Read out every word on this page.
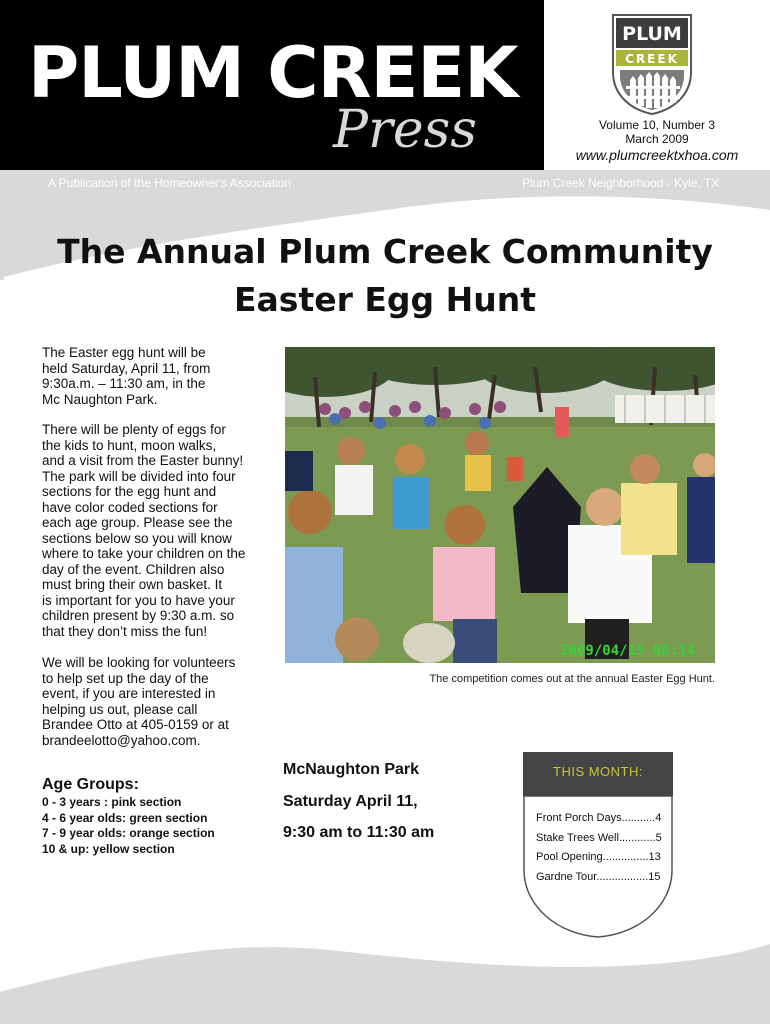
PLUM CREEK
Press
PLUM
CREEK
Volume 10, Number 3
March 2009
www.plumcreektxhoa.com
A Publication of the Homeowner's Association	Plum Creek Neighborhood - Kyle, TX
The Annual Plum Creek Community
Easter Egg Hunt
The Easter egg hunt will be
held Saturday, April 11, from
9:30a.m. – 11:30 am, in the
Mc Naughton Park.
There will be plenty of eggs for
the kids to hunt, moon walks,
and a visit from the Easter bunny!
The park will be divided into four
sections for the egg hunt and
have color coded sections for
each age group. Please see the
sections below so you will know
where to take your children on the
day of the event. Children also
must bring their own basket. It
is important for you to have your
children present by 9:30 a.m. so
that they don’t miss the fun!
We will be looking for volunteers
to help set up the day of the
event, if you are interested in
helping us out, please call
Brandee Otto at 405-0159 or at
brandeelotto@yahoo.com.
2009/04/15 08:14
The competition comes out at the annual Easter Egg Hunt.
Age Groups:
0 - 3 years : pink section
4 - 6 year olds: green section
7 - 9 year olds: orange section
10 & up: yellow section
McNaughton Park
Saturday April 11,
9:30 am to 11:30 am
THIS MONTH:
Front Porch Days...........4
Stake Trees Well............5
Pool Opening...............13
Gardne Tour.................15
